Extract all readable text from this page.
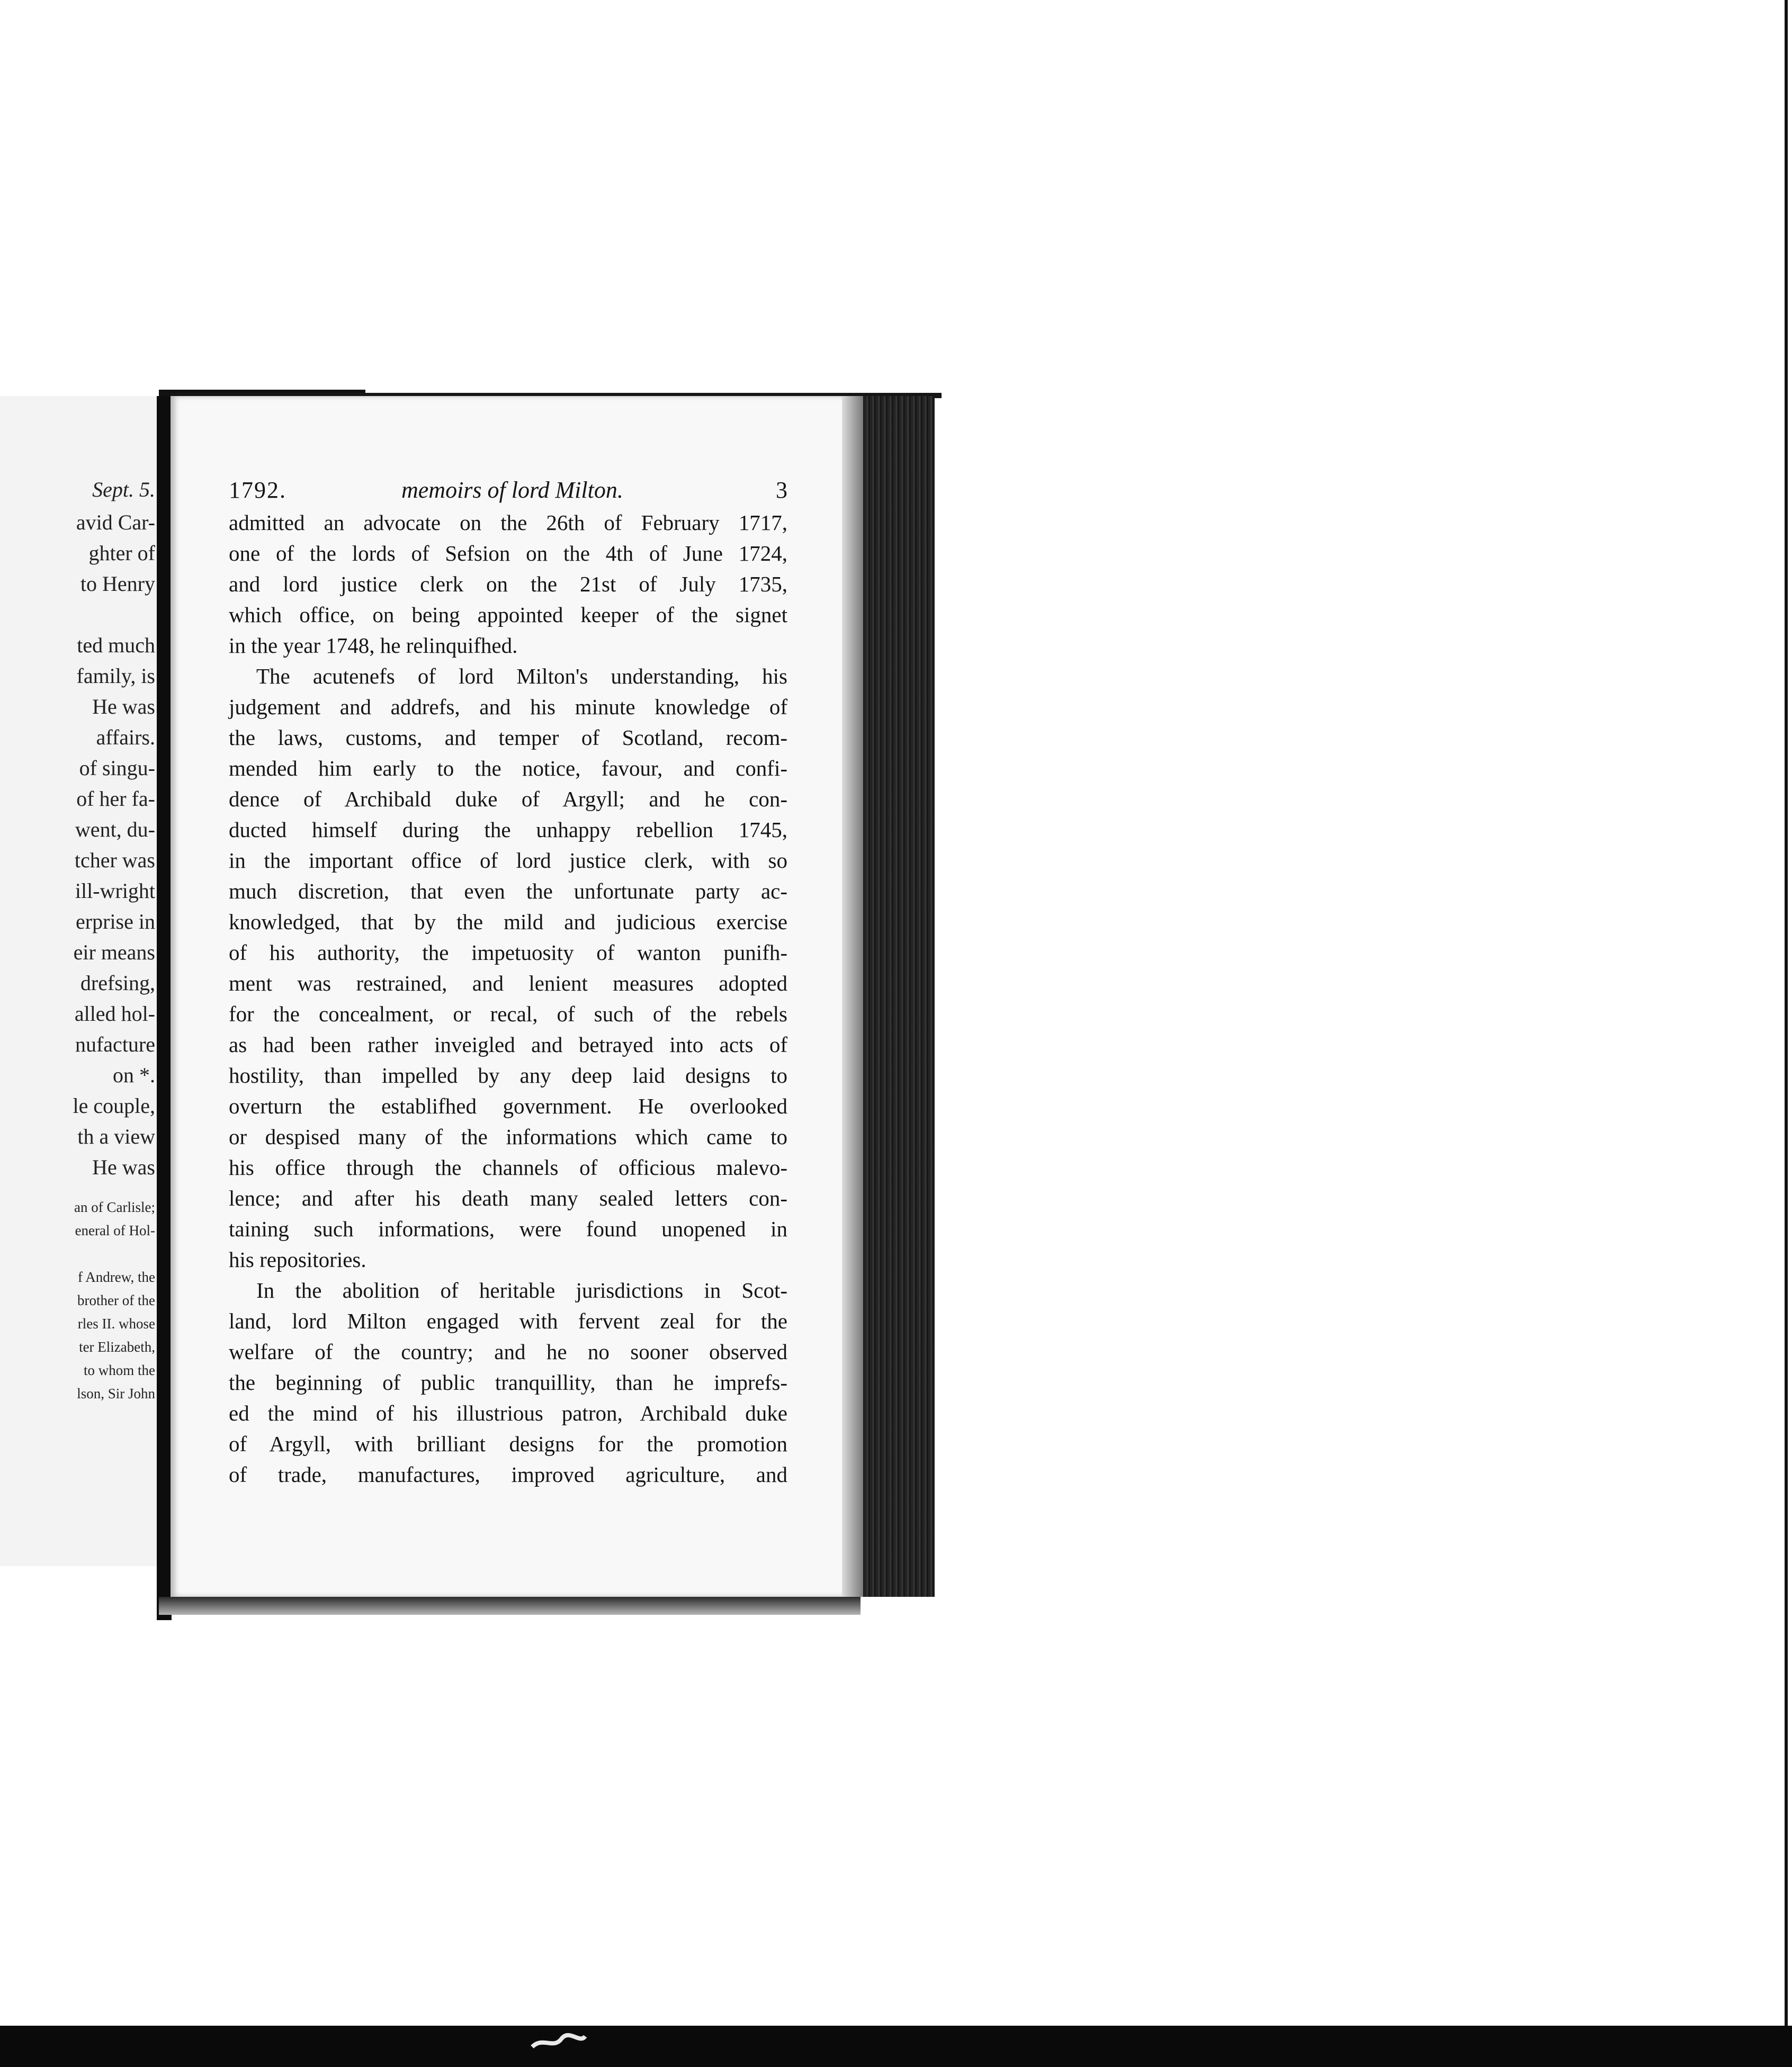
Sept. 5.
avid Car-
ghter of
to Henry
ted much
family, is
He was
affairs.
of singu-
of her fa-
went, du-
tcher was
ill-wright
erprise in
eir means
drefsing,
alled hol-
nufacture
on *.
le couple,
th a view
He was
an of Carlisle;
eneral of Hol-
f Andrew, the
brother of the
rles II. whose
ter Elizabeth,
to whom the
lson, Sir John
1792.	memoirs of lord Milton.	3
admitted an advocate on the 26th of February 1717,
one of the lords of Sefsion on the 4th of June 1724,
and lord justice clerk on the 21st of July 1735,
which office, on being appointed keeper of the signet
in the year 1748, he relinquifhed.
The acutenefs of lord Milton's understanding, his
judgement and addrefs, and his minute knowledge of
the laws, customs, and temper of Scotland, recom-
mended him early to the notice, favour, and confi-
dence of Archibald duke of Argyll; and he con-
ducted himself during the unhappy rebellion 1745,
in the important office of lord justice clerk, with so
much discretion, that even the unfortunate party ac-
knowledged, that by the mild and judicious exercise
of his authority, the impetuosity of wanton punifh-
ment was restrained, and lenient measures adopted
for the concealment, or recal, of such of the rebels
as had been rather inveigled and betrayed into acts of
hostility, than impelled by any deep laid designs to
overturn the establifhed government. He overlooked
or despised many of the informations which came to
his office through the channels of officious malevo-
lence; and after his death many sealed letters con-
taining such informations, were found unopened in
his repositories.
In the abolition of heritable jurisdictions in Scot-
land, lord Milton engaged with fervent zeal for the
welfare of the country; and he no sooner observed
the beginning of public tranquillity, than he imprefs-
ed the mind of his illustrious patron, Archibald duke
of Argyll, with brilliant designs for the promotion
of trade, manufactures, improved agriculture, and
